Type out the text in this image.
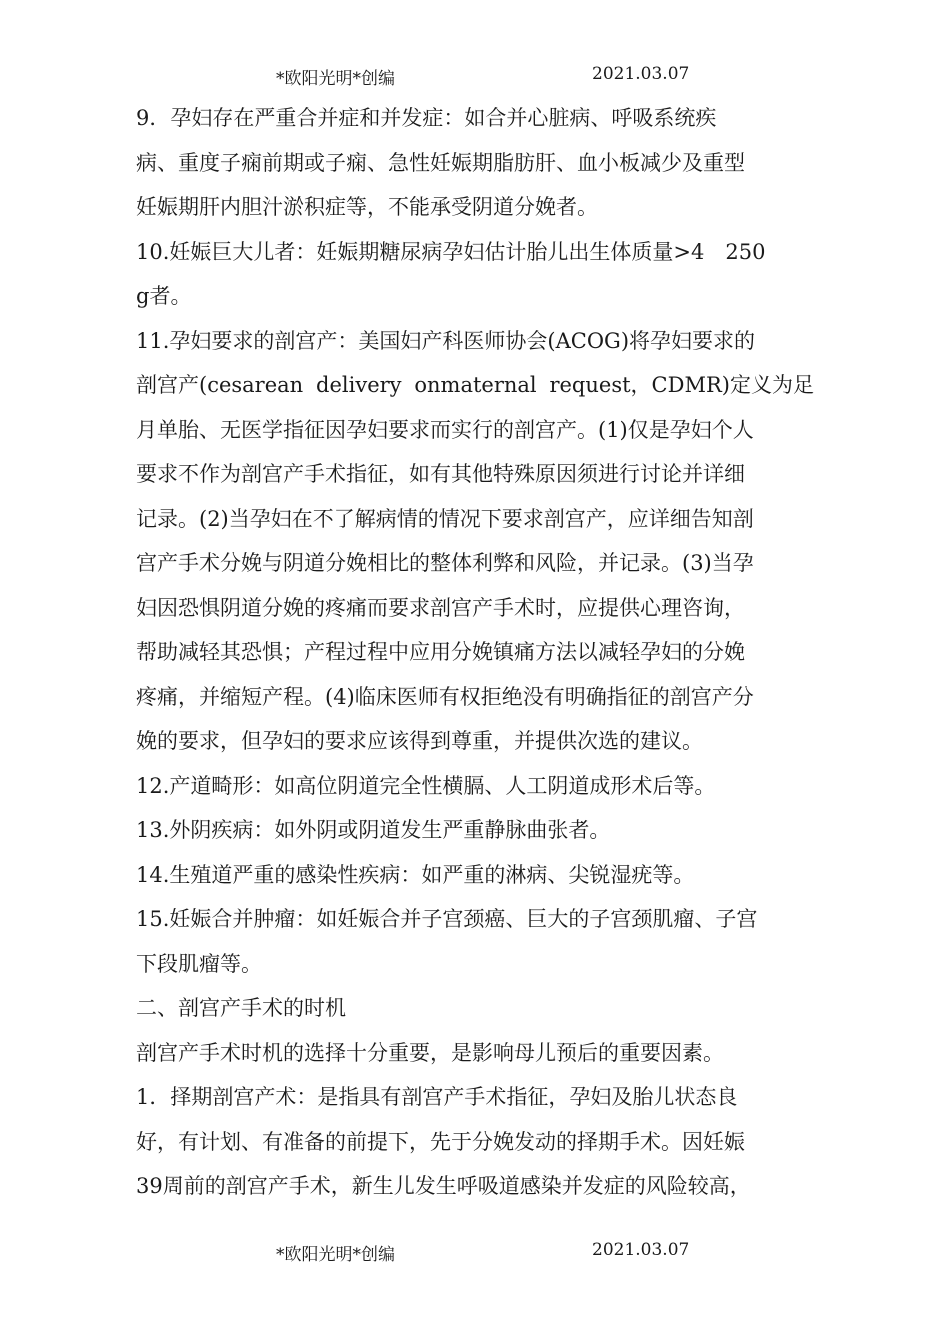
*欧阳光明*创编	2021.03.07
9．孕妇存在严重合并症和并发症：如合并心脏病、呼吸系统疾
病、重度子痫前期或子痫、急性妊娠期脂肪肝、血小板减少及重型
妊娠期肝内胆汁淤积症等，不能承受阴道分娩者。
10.妊娠巨大儿者：妊娠期糖尿病孕妇估计胎儿出生体质量>4　250
g者。
11.孕妇要求的剖宫产：美国妇产科医师协会(ACOG)将孕妇要求的
剖宫产(cesarean delivery onmaternal request，CDMR)定义为足
月单胎、无医学指征因孕妇要求而实行的剖宫产。(1)仅是孕妇个人
要求不作为剖宫产手术指征，如有其他特殊原因须进行讨论并详细
记录。(2)当孕妇在不了解病情的情况下要求剖宫产，应详细告知剖
宫产手术分娩与阴道分娩相比的整体利弊和风险，并记录。(3)当孕
妇因恐惧阴道分娩的疼痛而要求剖宫产手术时，应提供心理咨询，
帮助减轻其恐惧；产程过程中应用分娩镇痛方法以减轻孕妇的分娩
疼痛，并缩短产程。(4)临床医师有权拒绝没有明确指征的剖宫产分
娩的要求，但孕妇的要求应该得到尊重，并提供次选的建议。
12.产道畸形：如高位阴道完全性横膈、人工阴道成形术后等。
13.外阴疾病：如外阴或阴道发生严重静脉曲张者。
14.生殖道严重的感染性疾病：如严重的淋病、尖锐湿疣等。
15.妊娠合并肿瘤：如妊娠合并子宫颈癌、巨大的子宫颈肌瘤、子宫
下段肌瘤等。
二、剖宫产手术的时机
剖宫产手术时机的选择十分重要，是影响母儿预后的重要因素。
1．择期剖宫产术：是指具有剖宫产手术指征，孕妇及胎儿状态良
好，有计划、有准备的前提下，先于分娩发动的择期手术。因妊娠
39周前的剖宫产手术，新生儿发生呼吸道感染并发症的风险较高，
*欧阳光明*创编	2021.03.07
